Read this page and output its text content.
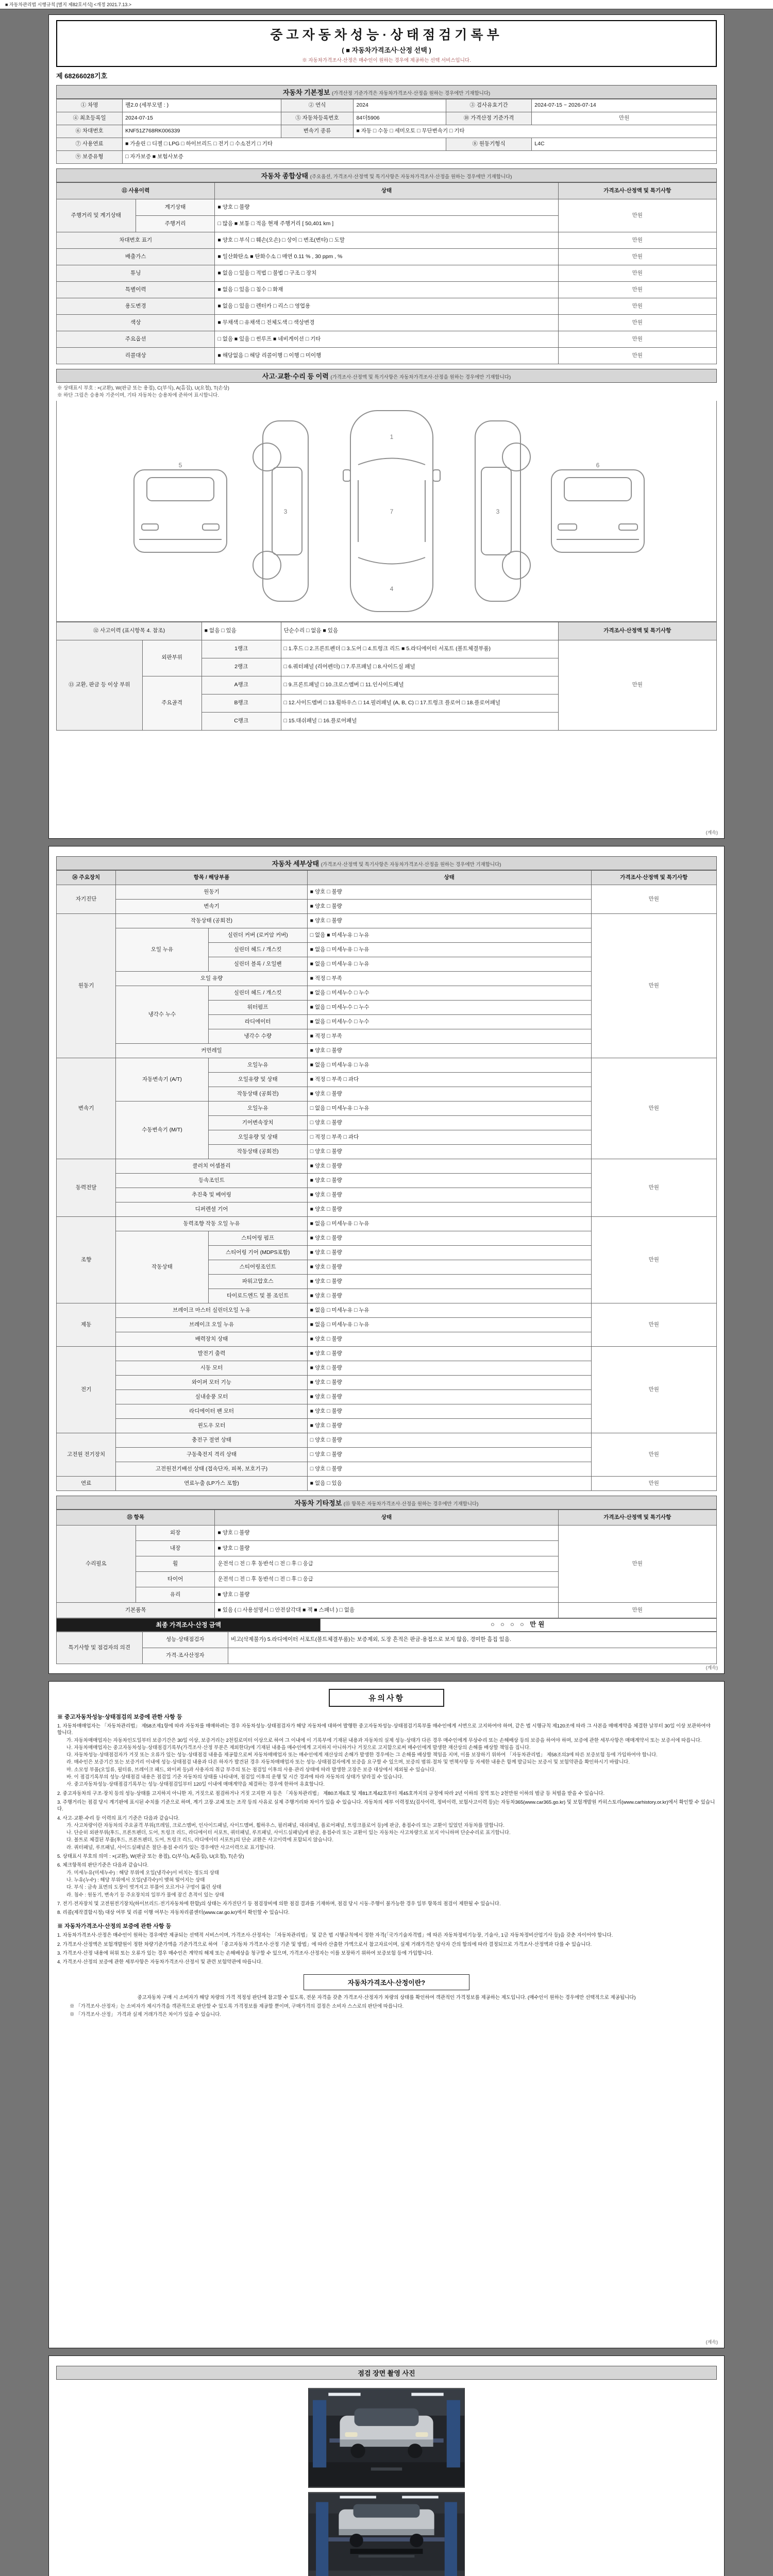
■ 자동차관리법 시행규칙 [별지 제82호서식] <개정 2021.7.13.>
중고자동차성능·상태점검기록부
( ■ 자동차가격조사·산정 선택 )
※ 자동차가격조사·산정은 매수인이 원하는 경우에 제공하는 선택 서비스입니다.
제 68266028기호
자동차 기본정보 (가격산정 기준가격은 자동차가격조사·산정을 원하는 경우에만 기재합니다)
① 차명	팰2.0 (세부모델 : )	② 연식	2024	③ 검사유효기간	2024-07-15 ~ 2026-07-14
④ 최초등록일	2024-07-15	⑤ 자동차등록번호	84더5906	⑩ 가격산정 기준가격	만원
⑥ 차대번호	KNF51Z768RK006339	변속기 종류	■ 자동 □ 수동 □ 세미오토 □ 무단변속기 □ 기타		
⑦ 사용연료	■ 가솔린 □ 디젤 □ LPG □ 하이브리드 □ 전기 □ 수소전기 □ 기타			⑧ 원동기형식	L4C
⑨ 보증유형	□ 자가보증 ■ 보험사보증				
자동차 종합상태 (주요옵션, 가격조사·산정액 및 특기사항은 자동차가격조사·산정을 원하는 경우에만 기재합니다)
⑪ 사용이력		상태	가격조사·산정액 및 특기사항
주행거리 및 계기상태	계기상태	■ 양호 □ 불량	만원
	주행거리	□ 많음 ■ 보통 □ 적음 현재 주행거리 [ 50,401 km ]	
차대번호 표기		■ 양호 □ 부식 □ 훼손(오손) □ 상이 □ 변조(변타) □ 도말	만원
배출가스		■ 일산화탄소 ■ 탄화수소 □ 매연 0.11 % , 30 ppm , %	만원
튜닝		■ 없음 □ 있음 □ 적법 □ 불법 □ 구조 □ 장치	만원
특별이력		■ 없음 □ 있음 □ 침수 □ 화재	만원
용도변경		■ 없음 □ 있음 □ 렌터카 □ 리스 □ 영업용	만원
색상		■ 무채색 □ 유채색 □ 전체도색 □ 색상변경	만원
주요옵션		□ 없음 ■ 있음 □ 썬루프 ■ 네비게이션 □ 기타	만원
리콜대상		■ 해당없음 □ 해당 리콜이행 □ 이행 □ 미이행	만원
사고·교환·수리 등 이력 (가격조사·산정액 및 특기사항은 자동차가격조사·산정을 원하는 경우에만 기재합니다)
※ 상태표시 부호 : ×(교환), W(판금 또는 용접), C(부식), A(흠집), U(요철), T(손상)
※ 하단 그림은 승용차 기준이며, 기타 자동차는 승용차에 준하여 표시합니다.
1
7
4
3	3
5	6
⑫ 사고이력 (표시항목 4. 참조)		■ 없음 □ 있음	단순수리 □ 없음 ■ 있음	가격조사·산정액 및 특기사항
⑬ 교환, 판금 등 이상 부위	외판부위	1랭크	□ 1.후드 □ 2.프론트펜더 □ 3.도어 □ 4.트렁크 리드 ■ 5.라디에이터 서포트 (볼트체결부품)	만원
		2랭크	□ 6.쿼터패널 (리어펜더) □ 7.루프패널 □ 8.사이드실 패널	
	주요골격	A랭크	□ 9.프론트패널 □ 10.크로스멤버 □ 11.인사이드패널	
		B랭크	□ 12.사이드멤버 □ 13.휠하우스 □ 14.필러패널 (A, B, C) □ 17.트렁크 플로어 □ 18.플로어패널	
		C랭크	□ 15.대쉬패널 □ 16.플로어패널	
(계속)
자동차 세부상태 (가격조사·산정액 및 특기사항은 자동차가격조사·산정을 원하는 경우에만 기재합니다)
⑭ 주요장치	항목 / 해당부품		상태	가격조사·산정액 및 특기사항
자기진단	원동기		■ 양호 □ 불량	만원
	변속기		■ 양호 □ 불량	
원동기	작동상태 (공회전)		■ 양호 □ 불량	만원
	오일 누유	실린더 커버 (로커암 커버)	□ 없음 ■ 미세누유 □ 누유	
		실린더 헤드 / 개스킷	■ 없음 □ 미세누유 □ 누유	
		실린더 블록 / 오일팬	■ 없음 □ 미세누유 □ 누유	
	오일 유량		■ 적정 □ 부족	
	냉각수 누수	실린더 헤드 / 개스킷	■ 없음 □ 미세누수 □ 누수	
		워터펌프	■ 없음 □ 미세누수 □ 누수	
		라디에이터	■ 없음 □ 미세누수 □ 누수	
		냉각수 수량	■ 적정 □ 부족	
	커먼레일		■ 양호 □ 불량	
변속기	자동변속기 (A/T)	오일누유	■ 없음 □ 미세누유 □ 누유	만원
		오일유량 및 상태	■ 적정 □ 부족 □ 과다	
		작동상태 (공회전)	■ 양호 □ 불량	
	수동변속기 (M/T)	오일누유	□ 없음 □ 미세누유 □ 누유	
		기어변속장치	□ 양호 □ 불량	
		오일유량 및 상태	□ 적정 □ 부족 □ 과다	
		작동상태 (공회전)	□ 양호 □ 불량	
동력전달	클러치 어셈블리		■ 양호 □ 불량	만원
	등속조인트		■ 양호 □ 불량	
	추진축 및 베어링		■ 양호 □ 불량	
	디퍼렌셜 기어		■ 양호 □ 불량	
조향	동력조향 작동 오일 누유		■ 없음 □ 미세누유 □ 누유	만원
	작동상태	스티어링 펌프	■ 양호 □ 불량	
		스티어링 기어 (MDPS포함)	■ 양호 □ 불량	
		스티어링조인트	■ 양호 □ 불량	
		파워고압호스	■ 양호 □ 불량	
		타이로드엔드 및 볼 조인트	■ 양호 □ 불량	
제동	브레이크 마스터 실린더오일 누유		■ 없음 □ 미세누유 □ 누유	만원
	브레이크 오일 누유		■ 없음 □ 미세누유 □ 누유	
	배력장치 상태		■ 양호 □ 불량	
전기	발전기 출력		■ 양호 □ 불량	만원
	시동 모터		■ 양호 □ 불량	
	와이퍼 모터 기능		■ 양호 □ 불량	
	실내송풍 모터		■ 양호 □ 불량	
	라디에이터 팬 모터		■ 양호 □ 불량	
	윈도우 모터		■ 양호 □ 불량	
고전원 전기장치	충전구 절연 상태		□ 양호 □ 불량	만원
	구동축전지 격리 상태		□ 양호 □ 불량	
	고전원전기배선 상태 (접속단자, 피복, 보호기구)		□ 양호 □ 불량	
연료	연료누출 (LP가스 포함)		■ 없음 □ 있음	만원
자동차 기타정보 (⑮ 항목은 자동차가격조사·산정을 원하는 경우에만 기재합니다)
⑮ 항목		상태	가격조사·산정액 및 특기사항
수리필요	외장	■ 양호 □ 불량	만원
	내장	■ 양호 □ 불량	
	휠	운전석 □ 전 □ 후 동반석 □ 전 □ 후 □ 응급	
	타이어	운전석 □ 전 □ 후 동반석 □ 전 □ 후 □ 응급	
	유리	■ 양호 □ 불량	
기본품목		■ 있음 ( □ 사용설명서 □ 안전삼각대 ■ 잭 ■ 스패너 ) □ 없음	만원
최종 가격조사·산정 금액	○ ○ ○ ○ 만원
특기사항 및 점검자의 의견	성능·상태점검자	비고(삭제불가) 5.라디에이터 서포트(볼트체결부품)는 보증제외, 도장 흔적은 판금·용접으로 보지 않음, 경미한 흠집 있음.
	가격·조사산정자	
(계속)
유의사항
※ 중고자동차성능·상태점검의 보증에 관한 사항 등
1. 자동차매매업자는 「자동차관리법」 제58조제1항에 따라 자동차를 매매하려는 경우 자동차성능·상태점검자가 해당 자동차에 대하여 발행한 중고자동차성능·상태점검기록부를 매수인에게 서면으로 고지하여야 하며, 같은 법 시행규칙 제120조에 따라 그 사본을 매매계약을 체결한 날부터 30일 이상 보관하여야 합니다.
가. 자동차매매업자는 자동차인도일부터 보증기간은 30일 이상, 보증거리는 2천킬로미터 이상으로 하여 그 이내에 이 기록부에 기재된 내용과 자동차의 실제 성능·상태가 다른 경우 매수인에게 무상수리 또는 손해배상 등의 보증을 하여야 하며, 보증에 관한 세부사항은 매매계약서 또는 보증서에 따릅니다.
나. 자동차매매업자는 중고자동차성능·상태점검기록부(가격조사·산정 부분은 제외한다)에 기재된 내용을 매수인에게 고지하지 아니하거나 거짓으로 고지함으로써 매수인에게 발생한 재산상의 손해를 배상할 책임을 집니다.
다. 자동차성능·상태점검자가 거짓 또는 오류가 있는 성능·상태점검 내용을 제공함으로써 자동차매매업자 또는 매수인에게 재산상의 손해가 발생한 경우에는 그 손해를 배상할 책임을 지며, 이를 보장하기 위하여 「자동차관리법」 제58조의3에 따른 보증보험 등에 가입하여야 합니다.
라. 매수인은 보증기간 또는 보증거리 이내에 성능·상태점검 내용과 다른 하자가 발견된 경우 자동차매매업자 또는 성능·상태점검자에게 보증을 요구할 수 있으며, 보증의 범위·절차 및 면책사항 등 자세한 내용은 함께 발급되는 보증서 및 보험약관을 확인하시기 바랍니다.
마. 소모성 부품(오일류, 필터류, 브레이크 패드, 와이퍼 등)과 사용자의 취급 부주의 또는 점검일 이후의 사용·관리 상태에 따라 발생한 고장은 보증 대상에서 제외될 수 있습니다.
바. 이 점검기록부의 성능·상태점검 내용은 점검일 기준 자동차의 상태를 나타내며, 점검일 이후의 운행 및 시간 경과에 따라 자동차의 상태가 달라질 수 있습니다.
사. 중고자동차성능·상태점검기록부는 성능·상태점검일부터 120일 이내에 매매계약을 체결하는 경우에 한하여 유효합니다.
2. 중고자동차의 구조·장치 등의 성능·상태를 고지하지 아니한 자, 거짓으로 점검하거나 거짓 고지한 자 등은 「자동차관리법」 제80조제6호 및 제81조제42호부터 제45호까지의 규정에 따라 2년 이하의 징역 또는 2천만원 이하의 벌금 등 처벌을 받을 수 있습니다.
3. 주행거리는 점검 당시 계기판에 표시된 수치를 기준으로 하며, 계기 고장·교체 또는 조작 등의 사유로 실제 주행거리와 차이가 있을 수 있습니다. 자동차의 세부 이력정보(검사이력, 정비이력, 보험사고이력 등)는 자동차365(www.car365.go.kr) 및 보험개발원 카히스토리(www.carhistory.or.kr)에서 확인할 수 있습니다.
4. 사고·교환·수리 등 이력의 표기 기준은 다음과 같습니다.
가. 사고차량이란 자동차의 주요골격 부위(프레임, 크로스멤버, 인사이드패널, 사이드멤버, 휠하우스, 필러패널, 대쉬패널, 플로어패널, 트렁크플로어 등)에 판금, 용접수리 또는 교환이 있었던 자동차를 말합니다.
나. 단순히 외판부위(후드, 프론트펜더, 도어, 트렁크 리드, 라디에이터 서포트, 쿼터패널, 루프패널, 사이드실패널)에 판금, 용접수리 또는 교환이 있는 자동차는 사고차량으로 보지 아니하며 단순수리로 표기합니다.
다. 볼트로 체결된 부품(후드, 프론트펜더, 도어, 트렁크 리드, 라디에이터 서포트)의 단순 교환은 사고이력에 포함되지 않습니다.
라. 쿼터패널, 루프패널, 사이드실패널은 절단·용접 수리가 있는 경우에만 사고이력으로 표기합니다.
5. 상태표시 부호의 의미 : ×(교환), W(판금 또는 용접), C(부식), A(흠집), U(요철), T(손상)
6. 체크항목의 판단기준은 다음과 같습니다.
가. 미세누유(미세누수) : 해당 부위에 오일(냉각수)이 비치는 정도의 상태
나. 누유(누수) : 해당 부위에서 오일(냉각수)이 맺혀 떨어지는 상태
다. 부식 : 금속 표면의 도장이 벗겨지고 부풀어 오르거나 구멍이 뚫린 상태
라. 침수 : 원동기, 변속기 등 주요장치의 일부가 물에 잠긴 흔적이 있는 상태
7. 전기·전자장치 및 고전원전기장치(하이브리드·전기자동차에 한함)의 상태는 자가진단기 등 점검장비에 의한 점검 결과를 기재하며, 점검 당시 시동·주행이 불가능한 경우 일부 항목의 점검이 제한될 수 있습니다.
8. 리콜(제작결함시정) 대상 여부 및 리콜 이행 여부는 자동차리콜센터(www.car.go.kr)에서 확인할 수 있습니다.
※ 자동차가격조사·산정의 보증에 관한 사항 등
1. 자동차가격조사·산정은 매수인이 원하는 경우에만 제공되는 선택적 서비스이며, 가격조사·산정자는 「자동차관리법」 및 같은 법 시행규칙에서 정한 자격(「국가기술자격법」에 따른 자동차정비기능장, 기술사, 1급 자동차정비산업기사 등)을 갖춘 자이어야 합니다.
2. 가격조사·산정액은 보험개발원이 정한 차량기준가액을 기준가격으로 하여 「중고자동차 가격조사·산정 기준 및 방법」에 따라 산출한 가액으로서 참고자료이며, 실제 거래가격은 당사자 간의 합의에 따라 결정되므로 가격조사·산정액과 다를 수 있습니다.
3. 가격조사·산정 내용에 허위 또는 오류가 있는 경우 매수인은 계약의 해제 또는 손해배상을 청구할 수 있으며, 가격조사·산정자는 이를 보장하기 위하여 보증보험 등에 가입합니다.
4. 가격조사·산정의 보증에 관한 세부사항은 자동차가격조사·산정서 및 관련 보험약관에 따릅니다.
자동차가격조사·산정이란?
중고자동차 구매 시 소비자가 해당 차량의 가격 적정성 판단에 참고할 수 있도록, 전문 자격을 갖춘 가격조사·산정자가 차량의 상태를 확인하여 객관적인 가격정보를 제공하는 제도입니다. (매수인이 원하는 경우에만 선택적으로 제공됩니다)
※ 「가격조사·산정자」는 소비자가 제시가격을 객관적으로 판단할 수 있도록 가격정보를 제공할 뿐이며, 구매가격의 결정은 소비자 스스로의 판단에 따릅니다.
※ 「가격조사·산정」 가격과 실제 거래가격은 차이가 있을 수 있습니다.
(계속)
점검 장면 촬영 사진
